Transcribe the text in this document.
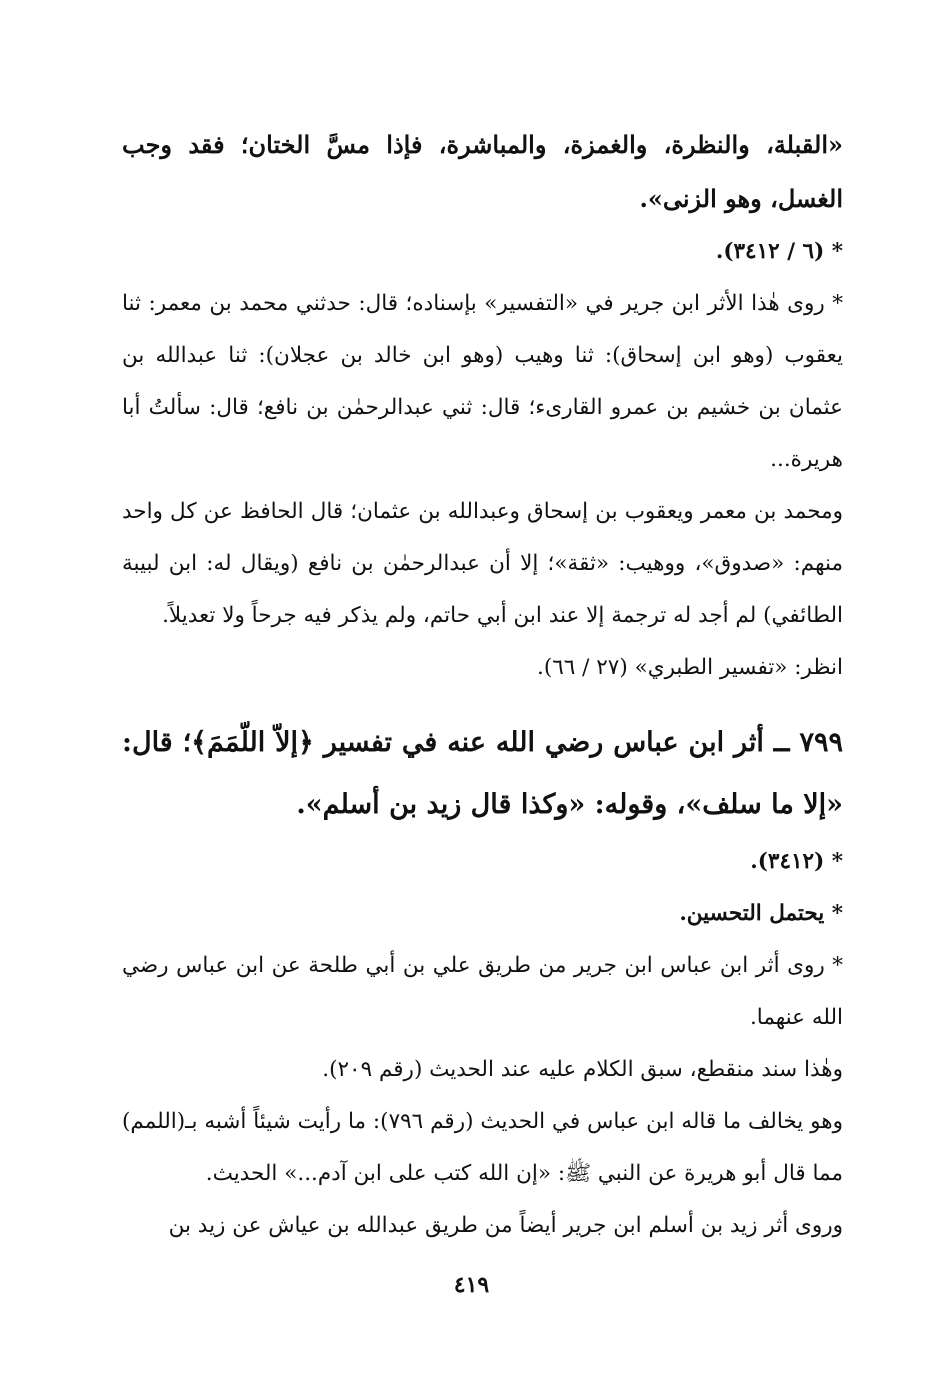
«القبلة، والنظرة، والغمزة، والمباشرة، فإذا مسَّ الختان؛ فقد وجب الغسل، وهو الزنى».

* (٦ / ٣٤١٢).

* روى هٰذا الأثر ابن جرير في «التفسير» بإسناده؛ قال: حدثني محمد بن معمر: ثنا يعقوب (وهو ابن إسحاق): ثنا وهيب (وهو ابن خالد بن عجلان): ثنا عبدالله بن عثمان بن خشيم بن عمرو القارىء؛ قال: ثني عبدالرحمٰن بن نافع؛ قال: سألتُ أبا هريرة...

ومحمد بن معمر ويعقوب بن إسحاق وعبدالله بن عثمان؛ قال الحافظ عن كل واحد منهم: «صدوق»، ووهيب: «ثقة»؛ إلا أن عبدالرحمٰن بن نافع (ويقال له: ابن لبيبة الطائفي) لم أجد له ترجمة إلا عند ابن أبي حاتم، ولم يذكر فيه جرحاً ولا تعديلاً.

انظر: «تفسير الطبري» (٢٧ / ٦٦).

٧٩٩ ــ أثر ابن عباس رضي الله عنه في تفسير ﴿إلاّ اللّمَمَ﴾؛ قال: «إلا ما سلف»، وقوله: «وكذا قال زيد بن أسلم».

* (٣٤١٢).

* يحتمل التحسين.

* روى أثر ابن عباس ابن جرير من طريق علي بن أبي طلحة عن ابن عباس رضي الله عنهما.

وهٰذا سند منقطع، سبق الكلام عليه عند الحديث (رقم ٢٠٩).

وهو يخالف ما قاله ابن عباس في الحديث (رقم ٧٩٦): ما رأيت شيئاً أشبه بـ(اللمم) مما قال أبو هريرة عن النبي ﷺ: «إن الله كتب على ابن آدم...» الحديث.

وروى أثر زيد بن أسلم ابن جرير أيضاً من طريق عبدالله بن عياش عن زيد بن

٤١٩
